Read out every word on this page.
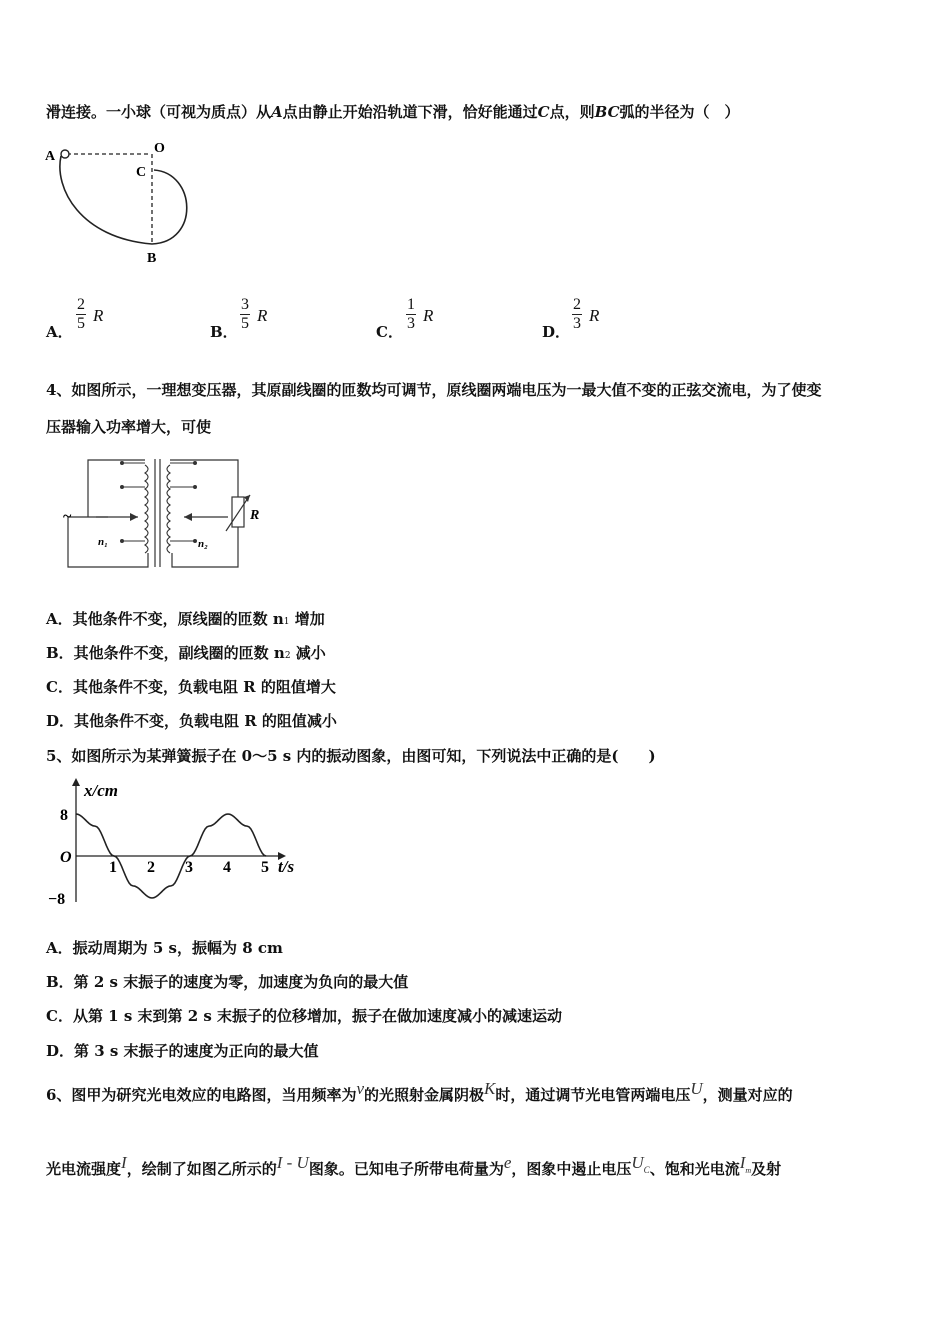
滑连接。一小球（可视为质点）从A点由静止开始沿轨道下滑，恰好能通过C点，则BC弧的半径为（　）
A
O
C
B
A． $\frac{2}{5}$ R
B． $\frac{3}{5}$ R
C． $\frac{1}{3}$ R
D． $\frac{2}{3}$ R
4、如图所示，一理想变压器，其原副线圈的匝数均可调节，原线圈两端电压为一最大值不变的正弦交流电，为了使变
压器输入功率增大，可使
~
n₁	n₂
R
A．其他条件不变，原线圈的匝数 n1 增加
B．其他条件不变，副线圈的匝数 n2 减小
C．其他条件不变，负载电阻 R 的阻值增大
D．其他条件不变，负载电阻 R 的阻值减小
5、如图所示为某弹簧振子在 0～5 s 内的振动图象，由图可知，下列说法中正确的是(　　)
x/cm
t/s
1 2 3 4 5
8
O
−8
A．振动周期为 5 s，振幅为 8 cm
B．第 2 s 末振子的速度为零，加速度为负向的最大值
C．从第 1 s 末到第 2 s 末振子的位移增加，振子在做加速度减小的减速运动
D．第 3 s 末振子的速度为正向的最大值
6、图甲为研究光电效应的电路图，当用频率为v的光照射金属阴极K时，通过调节光电管两端电压U，测量对应的
光电流强度I，绘制了如图乙所示的I - U图象。已知电子所带电荷量为e，图象中遏止电压UC、饱和光电流Im及射
